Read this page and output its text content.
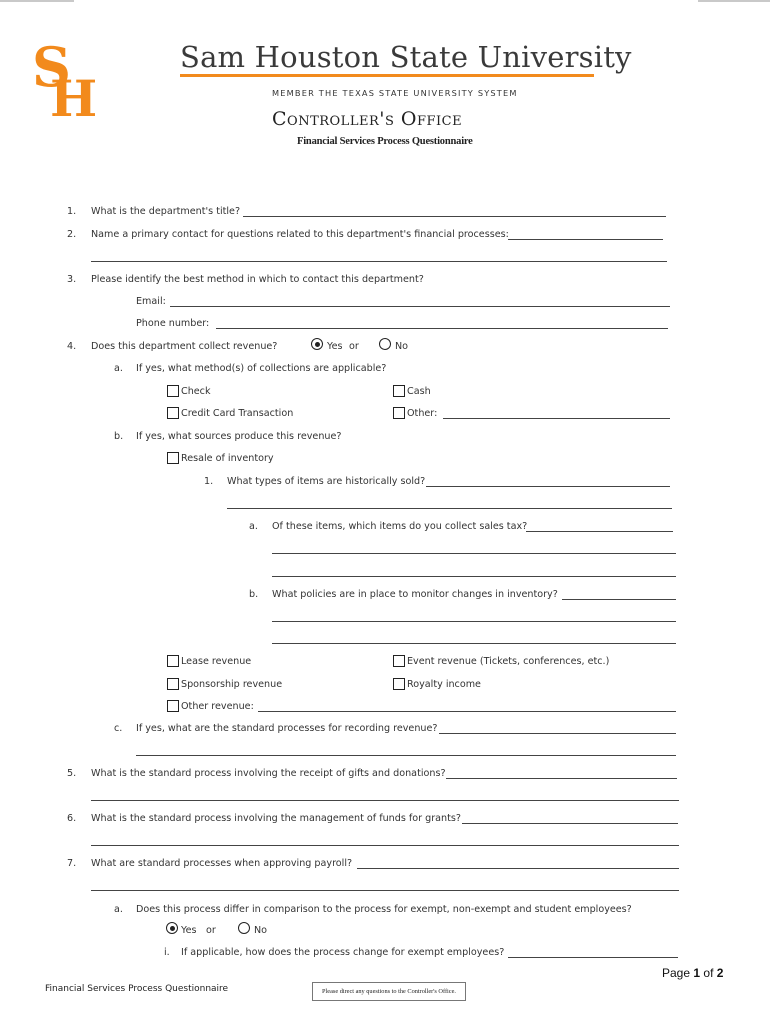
S
H
Sam Houston State University
MEMBER THE TEXAS STATE UNIVERSITY SYSTEM
Controller's Office
Financial Services Process Questionnaire
1. What is the department's title?
2. Name a primary contact for questions related to this department's financial processes:
3. Please identify the best method in which to contact this department?
Email:
Phone number:
4. Does this department collect revenue?	Yes or	No
a. If yes, what method(s) of collections are applicable?
Check	Cash
Credit Card Transaction	Other:
b. If yes, what sources produce this revenue?
Resale of inventory
1. What types of items are historically sold?
a. Of these items, which items do you collect sales tax?
b. What policies are in place to monitor changes in inventory?
Lease revenue	Event revenue (Tickets, conferences, etc.)
Sponsorship revenue	Royalty income
Other revenue:
c. If yes, what are the standard processes for recording revenue?
5. What is the standard process involving the receipt of gifts and donations?
6. What is the standard process involving the management of funds for grants?
7. What are standard processes when approving payroll?
a. Does this process differ in comparison to the process for exempt, non-exempt and student employees?
Yes or	No
i. If applicable, how does the process change for exempt employees?
Page 1 of 2
Financial Services Process Questionnaire	Please direct any questions to the Controller's Office.
